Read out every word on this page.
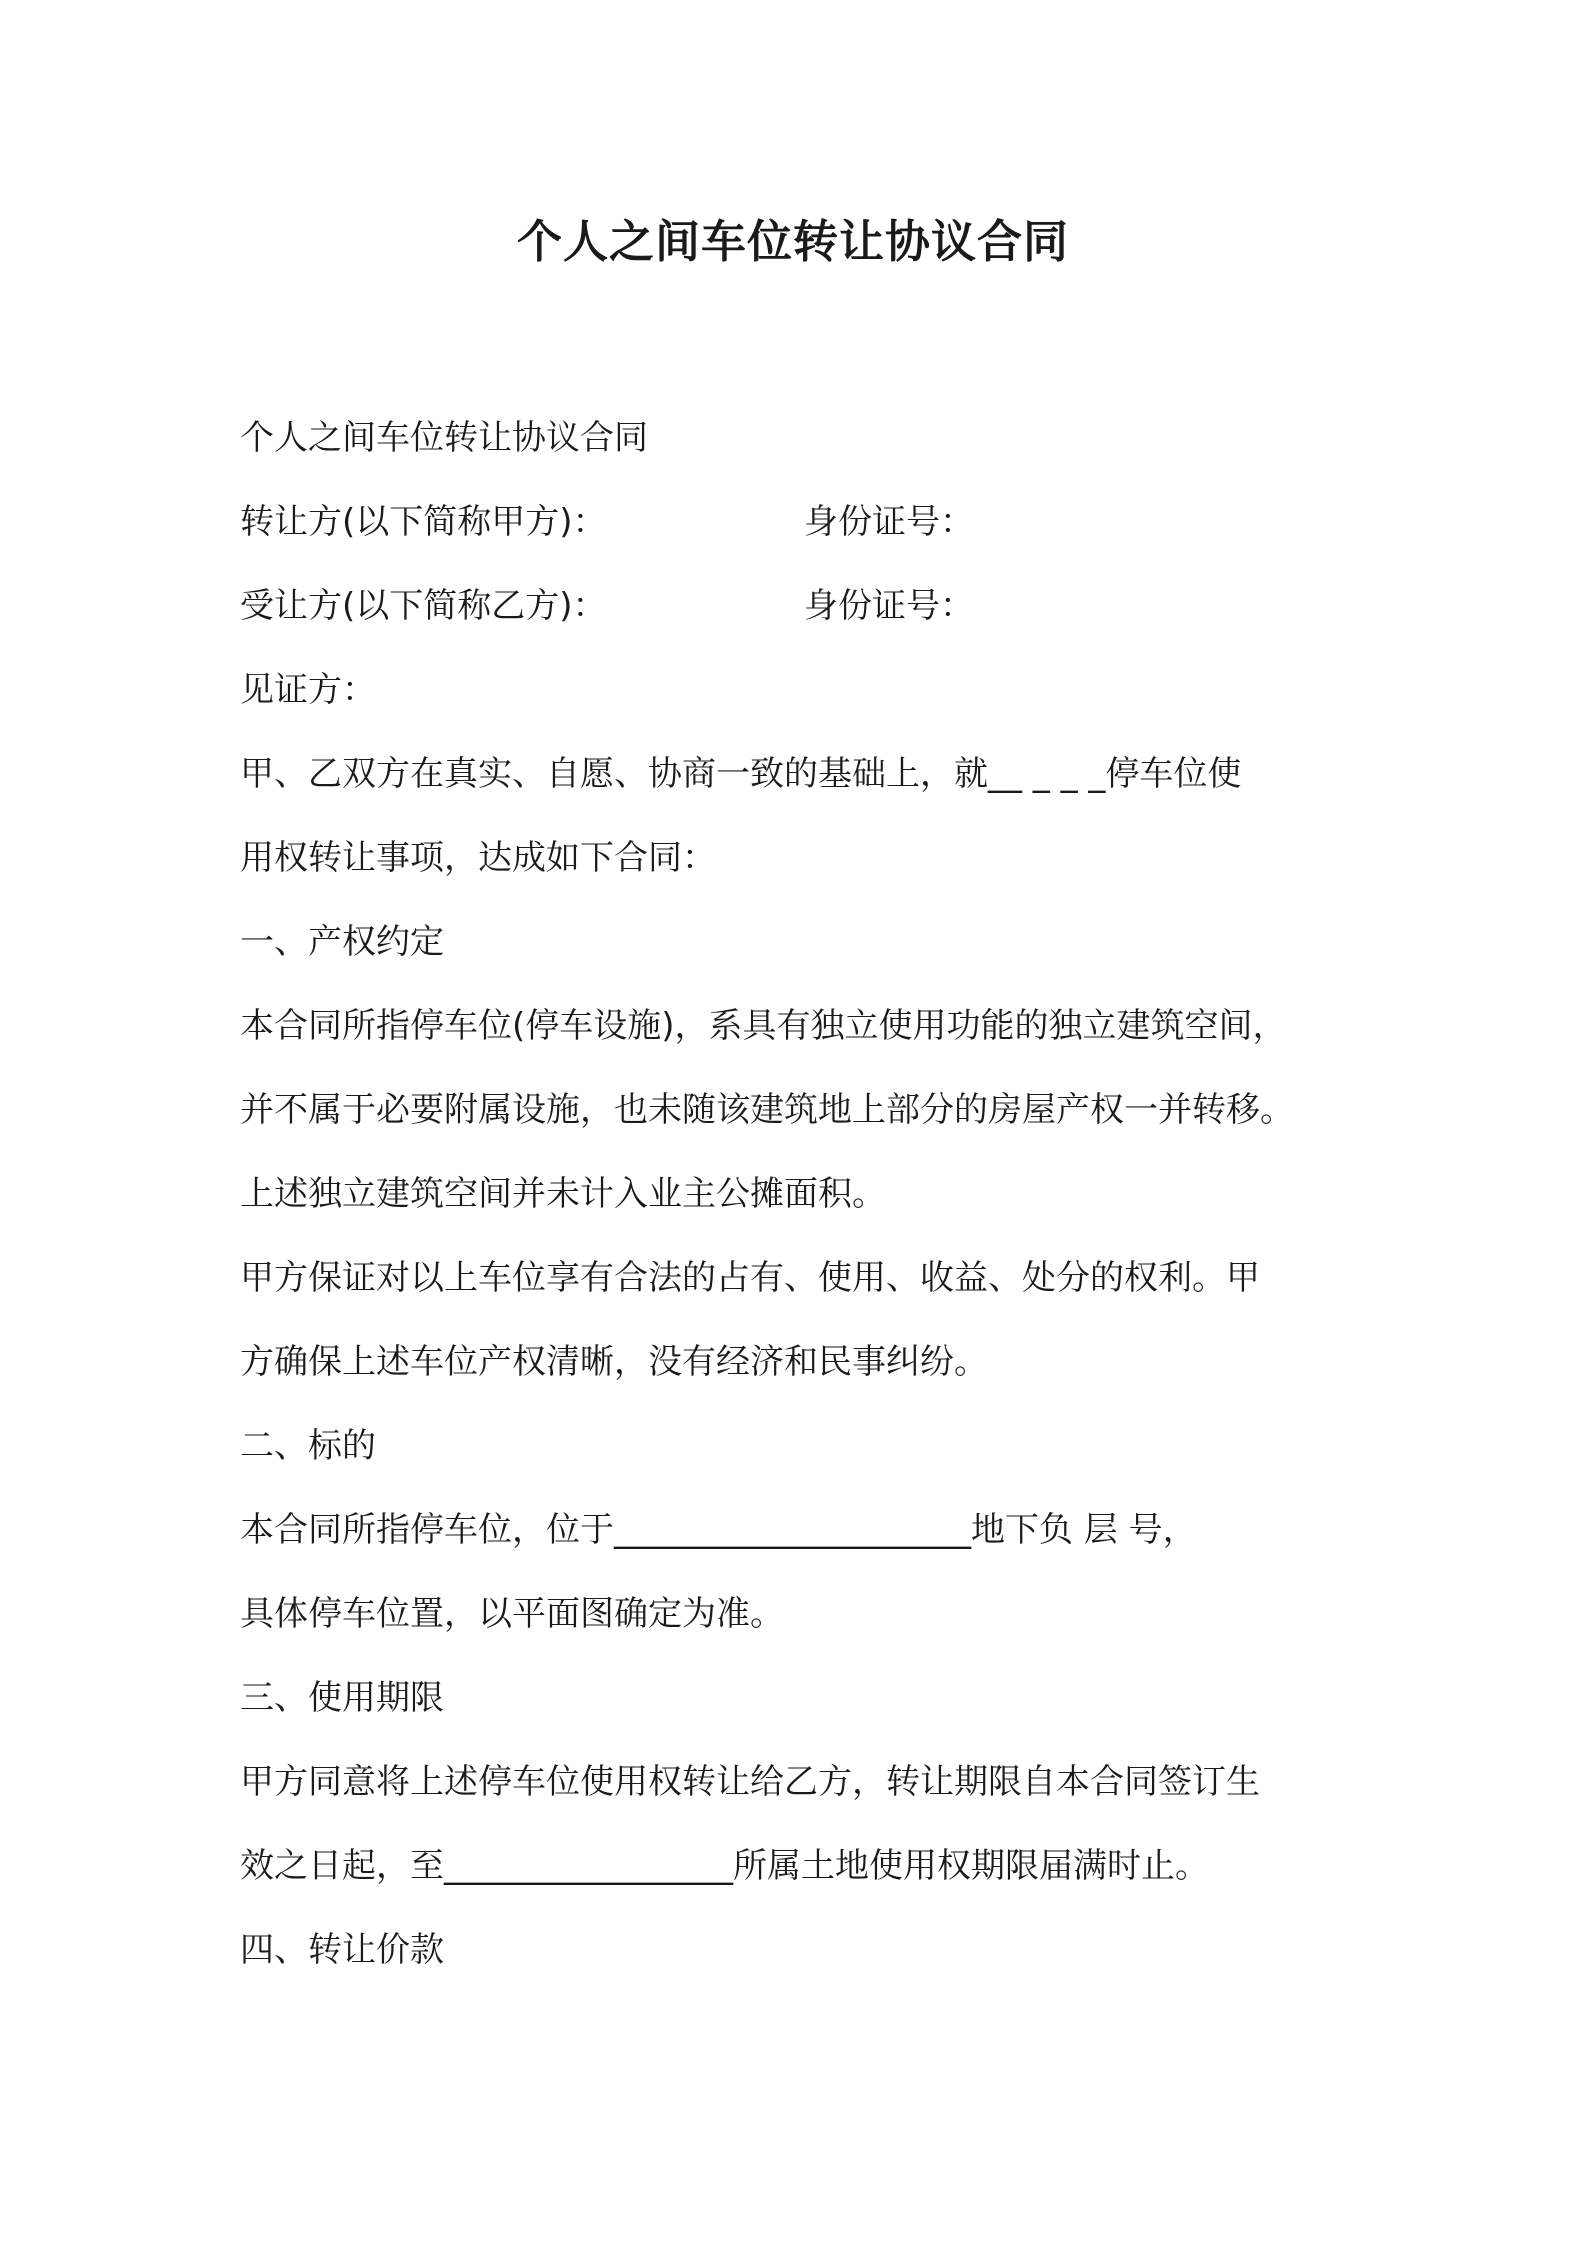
个人之间车位转让协议合同
个人之间车位转让协议合同
转让方(以下简称甲方)：	身份证号：
受让方(以下简称乙方)：	身份证号：
见证方：
甲、乙双方在真实、自愿、协商一致的基础上，就__ _ _ _停车位使
用权转让事项，达成如下合同：
一、产权约定
本合同所指停车位(停车设施)，系具有独立使用功能的独立建筑空间，
并不属于必要附属设施，也未随该建筑地上部分的房屋产权一并转移。
上述独立建筑空间并未计入业主公摊面积。
甲方保证对以上车位享有合法的占有、使用、收益、处分的权利。甲
方确保上述车位产权清晰，没有经济和民事纠纷。
二、标的
本合同所指停车位，位于_____________________地下负 层 号，
具体停车位置，以平面图确定为准。
三、使用期限
甲方同意将上述停车位使用权转让给乙方，转让期限自本合同签订生
效之日起，至_________________所属土地使用权期限届满时止。
四、转让价款
